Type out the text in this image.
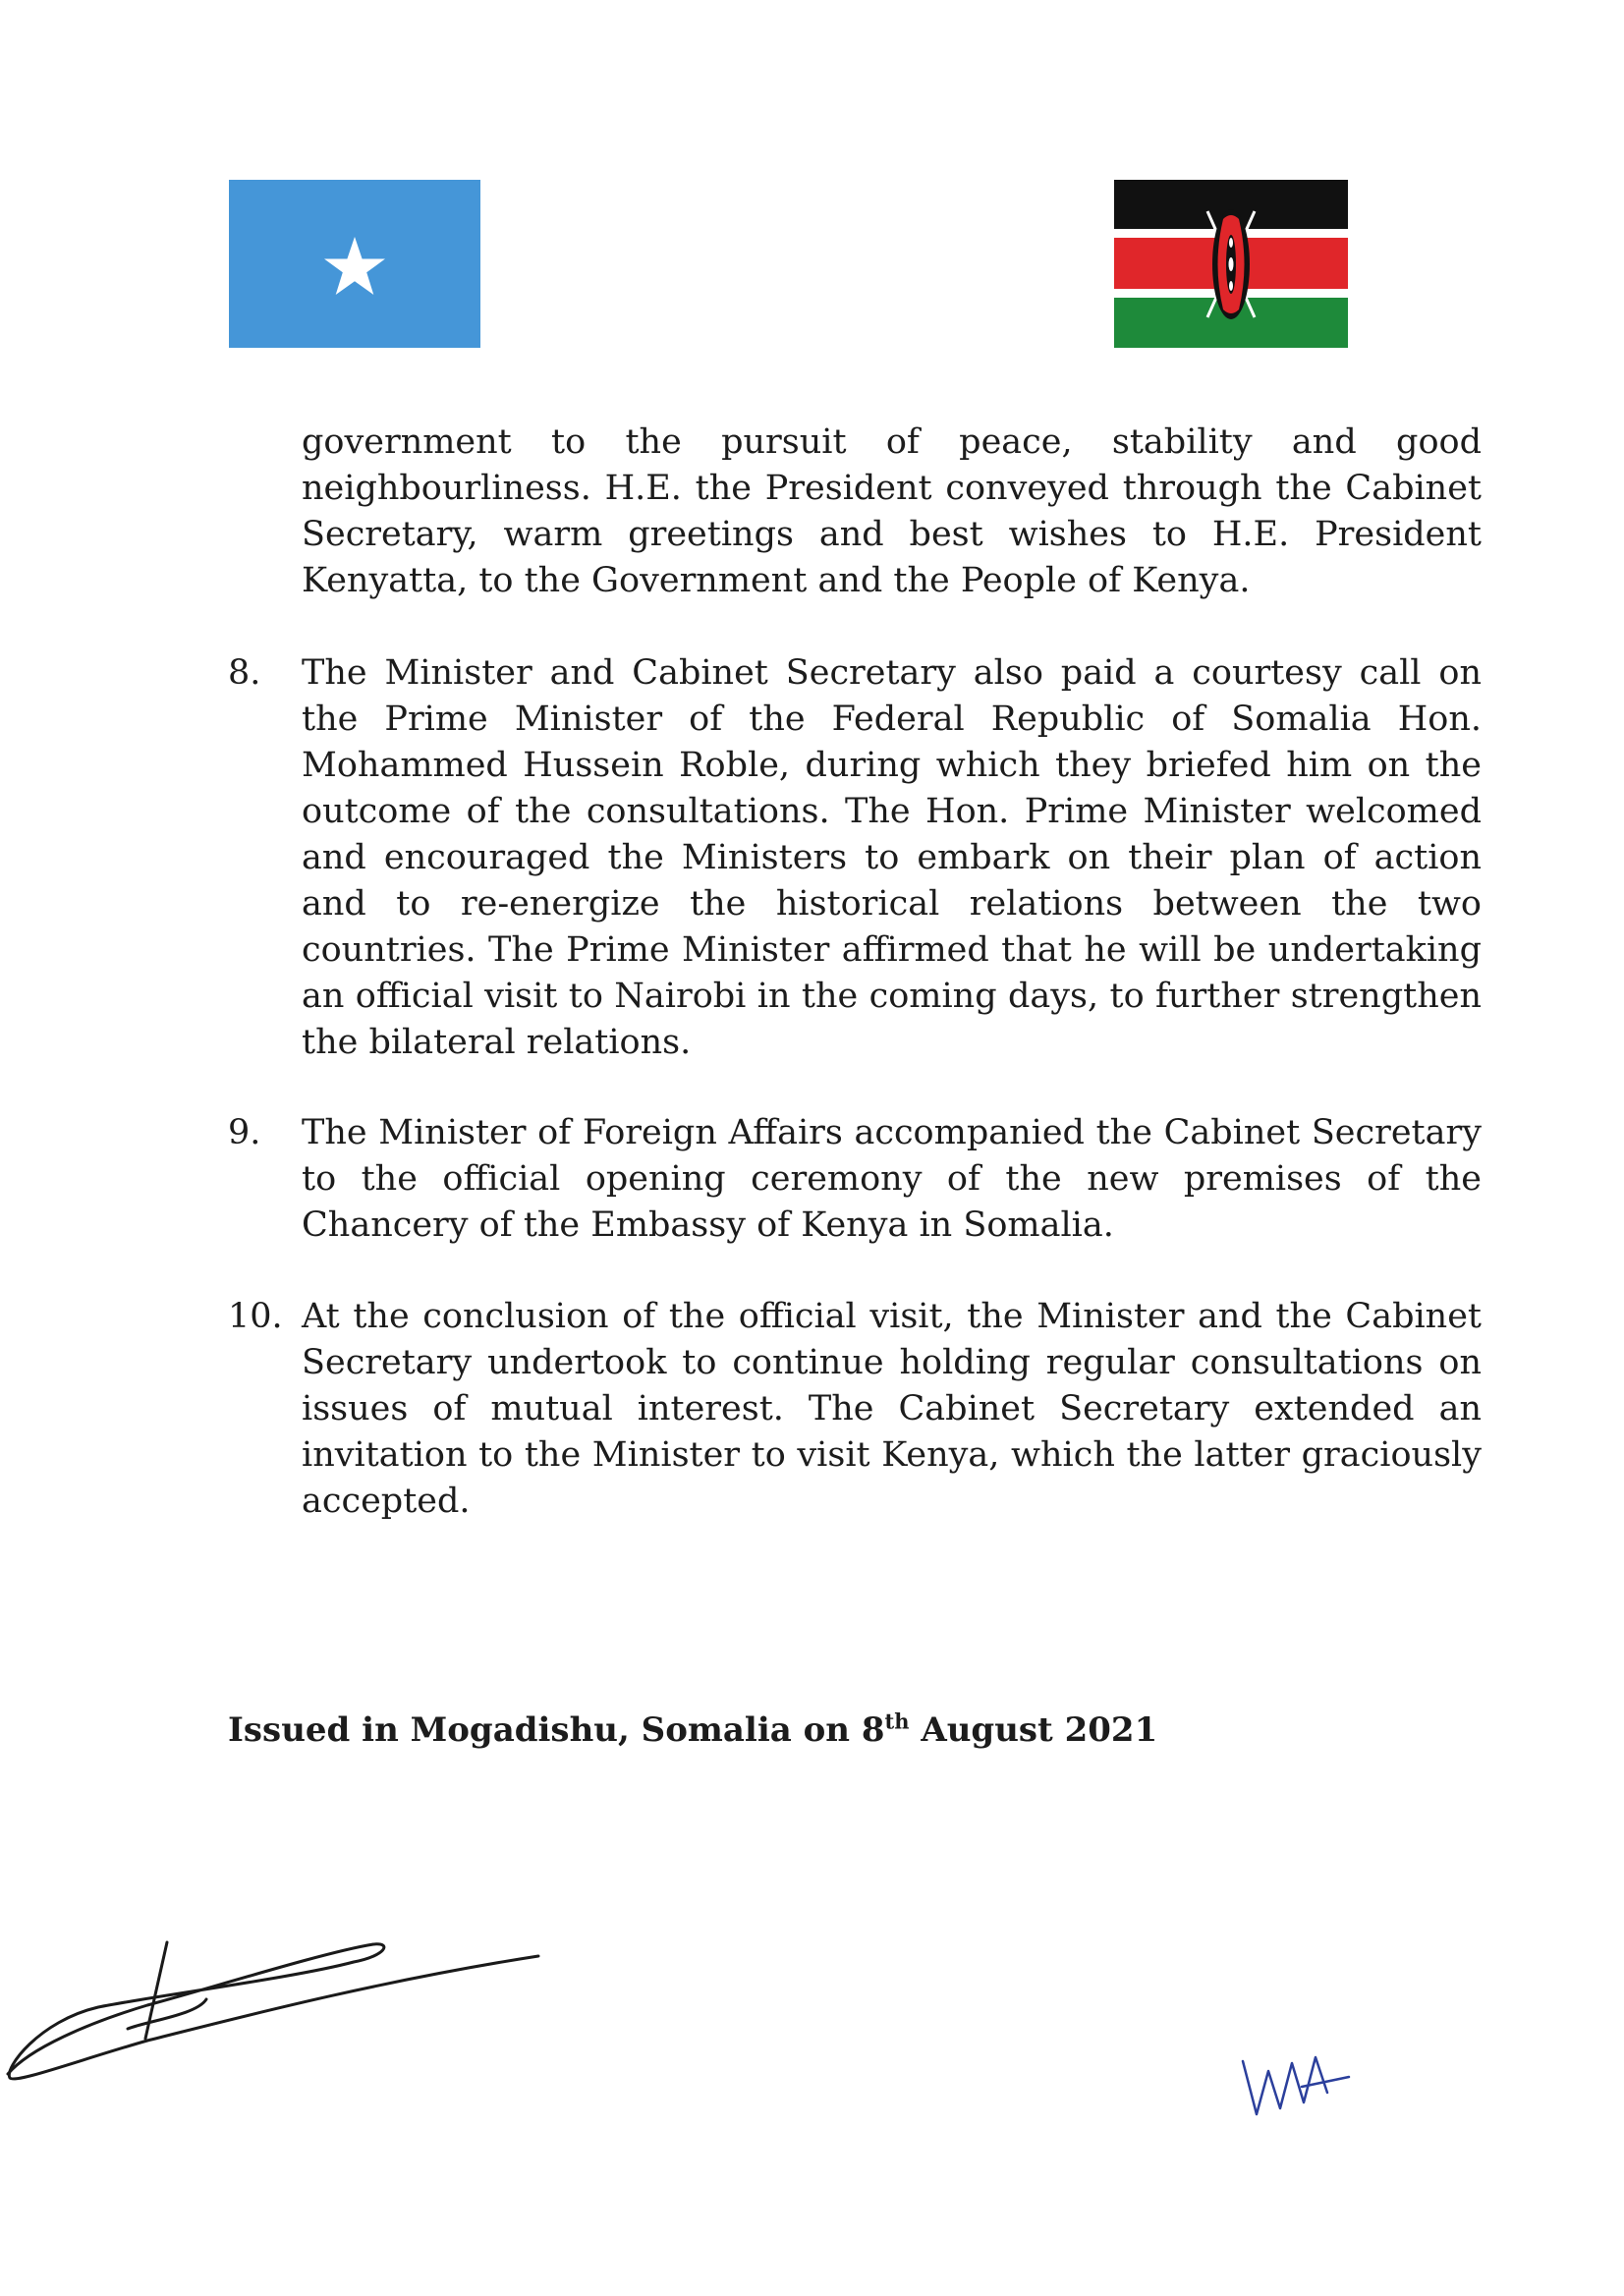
government to the pursuit of peace, stability and good neighbourliness. H.E. the President conveyed through the Cabinet Secretary, warm greetings and best wishes to H.E. President Kenyatta, to the Government and the People of Kenya.

8. The Minister and Cabinet Secretary also paid a courtesy call on the Prime Minister of the Federal Republic of Somalia Hon. Mohammed Hussein Roble, during which they briefed him on the outcome of the consultations. The Hon. Prime Minister welcomed and encouraged the Ministers to embark on their plan of action and to re-energize the historical relations between the two countries. The Prime Minister affirmed that he will be undertaking an official visit to Nairobi in the coming days, to further strengthen the bilateral relations.

9. The Minister of Foreign Affairs accompanied the Cabinet Secretary to the official opening ceremony of the new premises of the Chancery of the Embassy of Kenya in Somalia.

10. At the conclusion of the official visit, the Minister and the Cabinet Secretary undertook to continue holding regular consultations on issues of mutual interest. The Cabinet Secretary extended an invitation to the Minister to visit Kenya, which the latter graciously accepted.

Issued in Mogadishu, Somalia on 8th August 2021
